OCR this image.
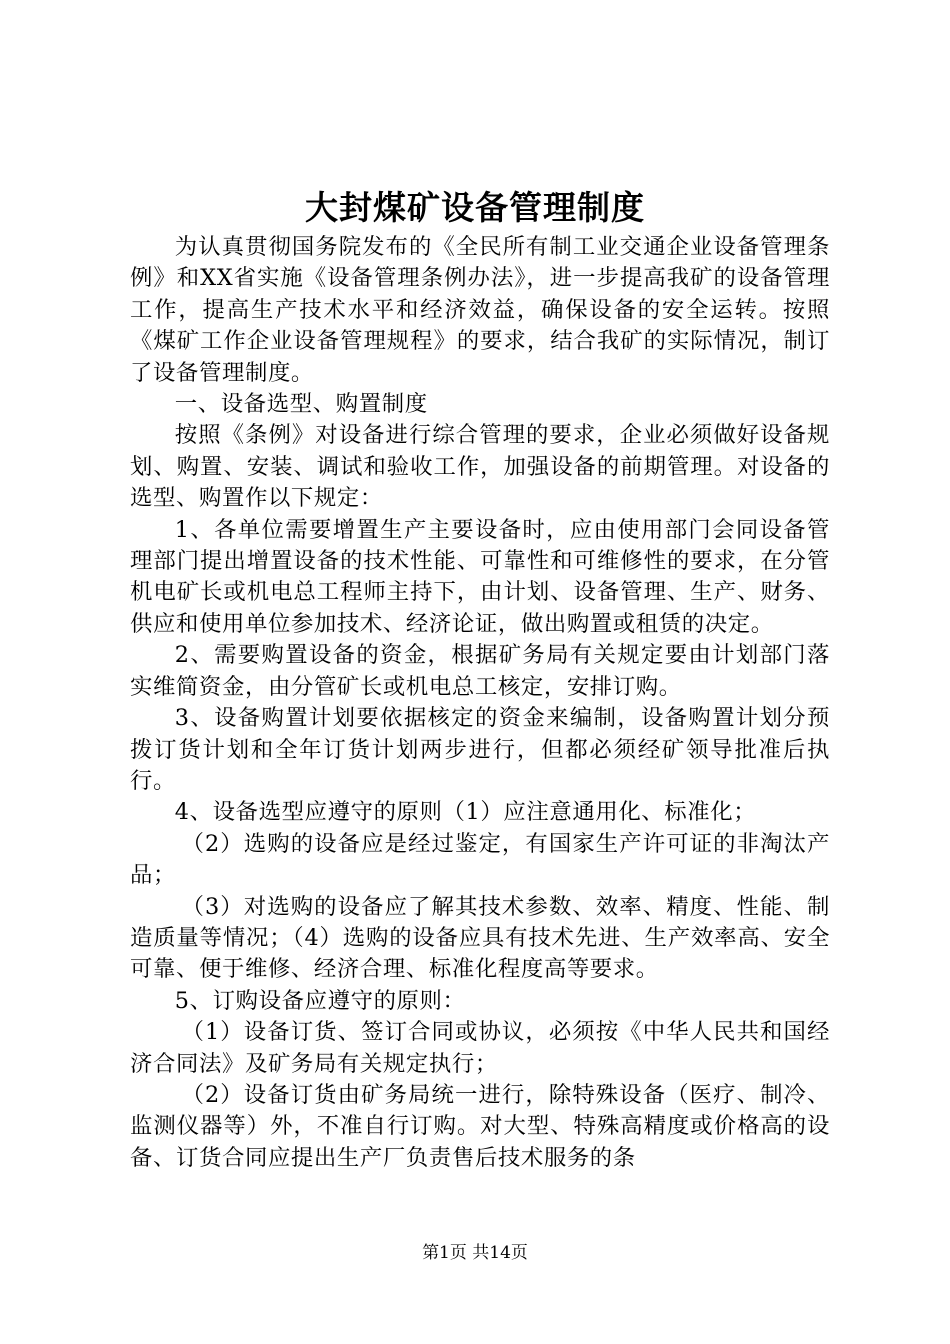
大封煤矿设备管理制度

为认真贯彻国务院发布的《全民所有制工业交通企业设备管理条例》和XX省实施《设备管理条例办法》，进一步提高我矿的设备管理工作，提高生产技术水平和经济效益，确保设备的安全运转。按照《煤矿工作企业设备管理规程》的要求，结合我矿的实际情况，制订了设备管理制度。

一、设备选型、购置制度

按照《条例》对设备进行综合管理的要求，企业必须做好设备规划、购置、安装、调试和验收工作，加强设备的前期管理。对设备的选型、购置作以下规定：

1、各单位需要增置生产主要设备时，应由使用部门会同设备管理部门提出增置设备的技术性能、可靠性和可维修性的要求，在分管机电矿长或机电总工程师主持下，由计划、设备管理、生产、财务、供应和使用单位参加技术、经济论证，做出购置或租赁的决定。

2、需要购置设备的资金，根据矿务局有关规定要由计划部门落实维简资金，由分管矿长或机电总工核定，安排订购。

3、设备购置计划要依据核定的资金来编制，设备购置计划分预拨订货计划和全年订货计划两步进行，但都必须经矿领导批准后执行。

4、设备选型应遵守的原则（1）应注意通用化、标准化；

（2）选购的设备应是经过鉴定，有国家生产许可证的非淘汰产品；

（3）对选购的设备应了解其技术参数、效率、精度、性能、制造质量等情况；（4）选购的设备应具有技术先进、生产效率高、安全可靠、便于维修、经济合理、标准化程度高等要求。

5、订购设备应遵守的原则：

（1）设备订货、签订合同或协议，必须按《中华人民共和国经济合同法》及矿务局有关规定执行；

（2）设备订货由矿务局统一进行，除特殊设备（医疗、制冷、监测仪器等）外，不准自行订购。对大型、特殊高精度或价格高的设备、订货合同应提出生产厂负责售后技术服务的条

第1页 共14页
